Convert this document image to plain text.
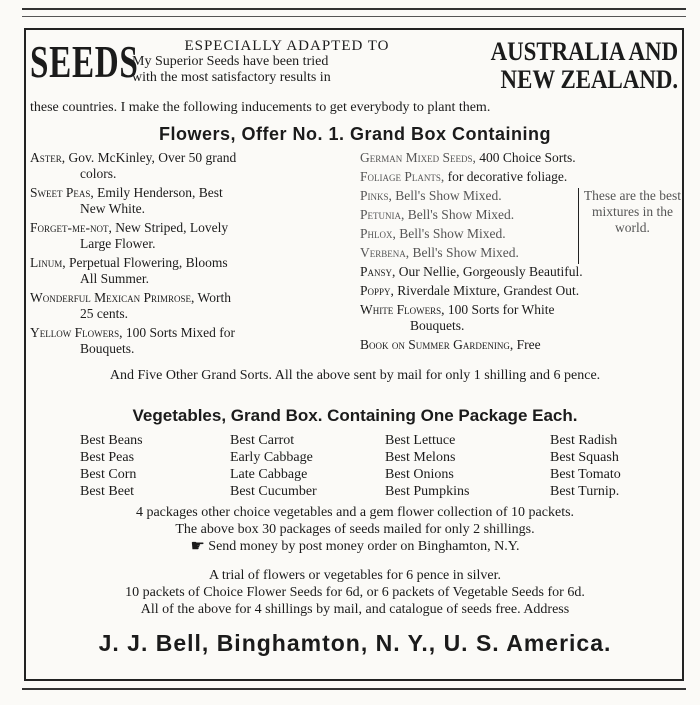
SEEDS	ESPECIALLY ADAPTED TO
My Superior Seeds have been tried
with the most satisfactory results in
AUSTRALIA AND
NEW ZEALAND.
these countries. I make the following inducements to get everybody to plant them.
Flowers, Offer No. 1. Grand Box Containing
Aster, Gov. McKinley, Over 50 grand
colors.
Sweet Peas, Emily Henderson, Best
New White.
Forget-me-not, New Striped, Lovely
Large Flower.
Linum, Perpetual Flowering, Blooms
All Summer.
Wonderful Mexican Primrose, Worth
25 cents.
Yellow Flowers, 100 Sorts Mixed for
Bouquets.
German Mixed Seeds, 400 Choice Sorts.
Foliage Plants, for decorative foliage.
Pinks, Bell's Show Mixed.
Petunia, Bell's Show Mixed.
Phlox, Bell's Show Mixed.
Verbena, Bell's Show Mixed.
These are the best mixtures in the world.
Pansy, Our Nellie, Gorgeously Beautiful.
Poppy, Riverdale Mixture, Grandest Out.
White Flowers, 100 Sorts for White
Bouquets.
Book on Summer Gardening, Free
And Five Other Grand Sorts. All the above sent by mail for only 1 shilling and 6 pence.
Vegetables, Grand Box. Containing One Package Each.
Best Beans
Best Peas
Best Corn
Best Beet
Best Carrot
Early Cabbage
Late Cabbage
Best Cucumber
Best Lettuce
Best Melons
Best Onions
Best Pumpkins
Best Radish
Best Squash
Best Tomato
Best Turnip.
4 packages other choice vegetables and a gem flower collection of 10 packets.
The above box 30 packages of seeds mailed for only 2 shillings.
☛ Send money by post money order on Binghamton, N.Y.
A trial of flowers or vegetables for 6 pence in silver.
10 packets of Choice Flower Seeds for 6d, or 6 packets of Vegetable Seeds for 6d.
All of the above for 4 shillings by mail, and catalogue of seeds free. Address
J. J. Bell, Binghamton, N. Y., U. S. America.
